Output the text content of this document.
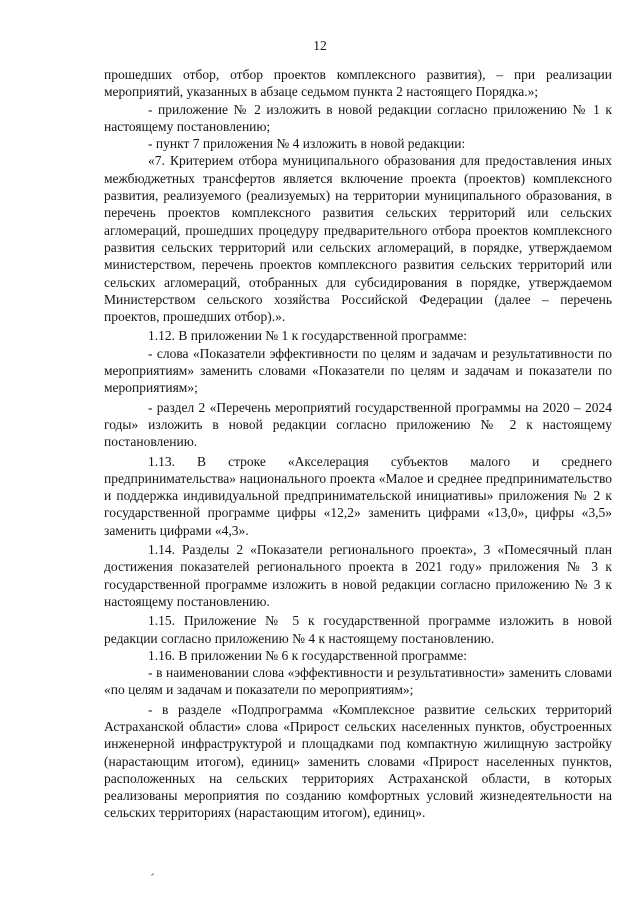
12

прошедших отбор, отбор проектов комплексного развития), – при реализации мероприятий, указанных в абзаце седьмом пункта 2 настоящего Порядка.»;

- приложение № 2 изложить в новой редакции согласно приложению № 1 к настоящему постановлению;

- пункт 7 приложения № 4 изложить в новой редакции:

«7. Критерием отбора муниципального образования для предоставления иных межбюджетных трансфертов является включение проекта (проектов) комплексного развития, реализуемого (реализуемых) на территории муниципального образования, в перечень проектов комплексного развития сельских территорий или сельских агломераций, прошедших процедуру предварительного отбора проектов комплексного развития сельских территорий или сельских агломераций, в порядке, утверждаемом министерством, перечень проектов комплексного развития сельских территорий или сельских агломераций, отобранных для субсидирования в порядке, утверждаемом Министерством сельского хозяйства Российской Федерации (далее – перечень проектов, прошедших отбор).».

1.12. В приложении № 1 к государственной программе:

- слова «Показатели эффективности по целям и задачам и результативности по мероприятиям» заменить словами «Показатели по целям и задачам и показатели по мероприятиям»;

- раздел 2 «Перечень мероприятий государственной программы на 2020 – 2024 годы» изложить в новой редакции согласно приложению № 2 к настоящему постановлению.

1.13. В строке «Акселерация субъектов малого и среднего предпринимательства» национального проекта «Малое и среднее предпринимательство и поддержка индивидуальной предпринимательской инициативы» приложения № 2 к государственной программе цифры «12,2» заменить цифрами «13,0», цифры «3,5» заменить цифрами «4,3».

1.14. Разделы 2 «Показатели регионального проекта», 3 «Помесячный план достижения показателей регионального проекта в 2021 году» приложения № 3 к государственной программе изложить в новой редакции согласно приложению № 3 к настоящему постановлению.

1.15. Приложение № 5 к государственной программе изложить в новой редакции согласно приложению № 4 к настоящему постановлению.

1.16. В приложении № 6 к государственной программе:

- в наименовании слова «эффективности и результативности» заменить словами «по целям и задачам и показатели по мероприятиям»;

- в разделе «Подпрограмма «Комплексное развитие сельских территорий Астраханской области» слова «Прирост сельских населенных пунктов, обустроенных инженерной инфраструктурой и площадками под компактную жилищную застройку (нарастающим итогом), единиц» заменить словами «Прирост населенных пунктов, расположенных на сельских территориях Астраханской области, в которых реализованы мероприятия по созданию комфортных условий жизнедеятельности на сельских территориях (нарастающим итогом), единиц».
